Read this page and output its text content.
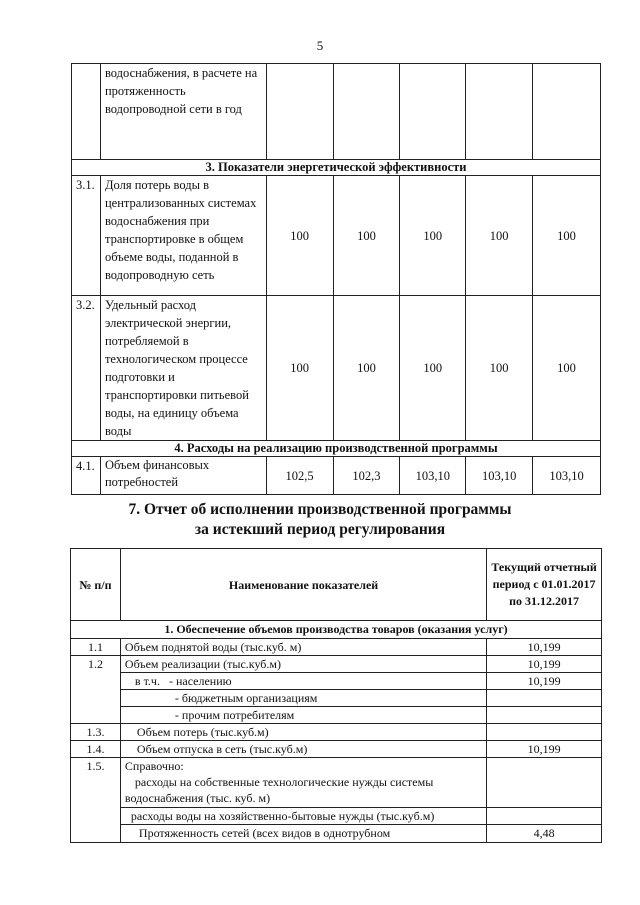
5
	водоснабжения, в расчете на протяженность водопроводной сети в год					
3. Показатели энергетической эффективности						
3.1.	Доля потерь воды в централизованных системах водоснабжения при транспортировке в общем объеме воды, поданной в водопроводную сеть	100	100	100	100	100
3.2.	Удельный расход электрической энергии, потребляемой в технологическом процессе подготовки и транспортировки питьевой воды, на единицу объема воды	100	100	100	100	100
4. Расходы на реализацию производственной программы						
4.1.	Объем финансовых потребностей	102,5	102,3	103,10	103,10	103,10
7. Отчет об исполнении производственной программы
за истекший период регулирования
№ п/п	Наименование показателей	Текущий отчетный период с 01.01.2017 по 31.12.2017
1. Обеспечение объемов производства товаров (оказания услуг)		
1.1	Объем поднятой воды (тыс.куб. м)	10,199
1.2	Объем реализации (тыс.куб.м)	10,199
	в т.ч.   - населению	10,199
	- бюджетным организациям	
	- прочим потребителям	
1.3.	Объем потерь (тыс.куб.м)	
1.4.	Объем отпуска в сеть (тыс.куб.м)	10,199
1.5.	Справочно:
расходы на собственные технологические нужды системы
водоснабжения (тыс. куб. м)	

	расходы воды на хозяйственно-бытовые нужды (тыс.куб.м)	
	Протяженность сетей (всех видов в однотрубном	4,48
